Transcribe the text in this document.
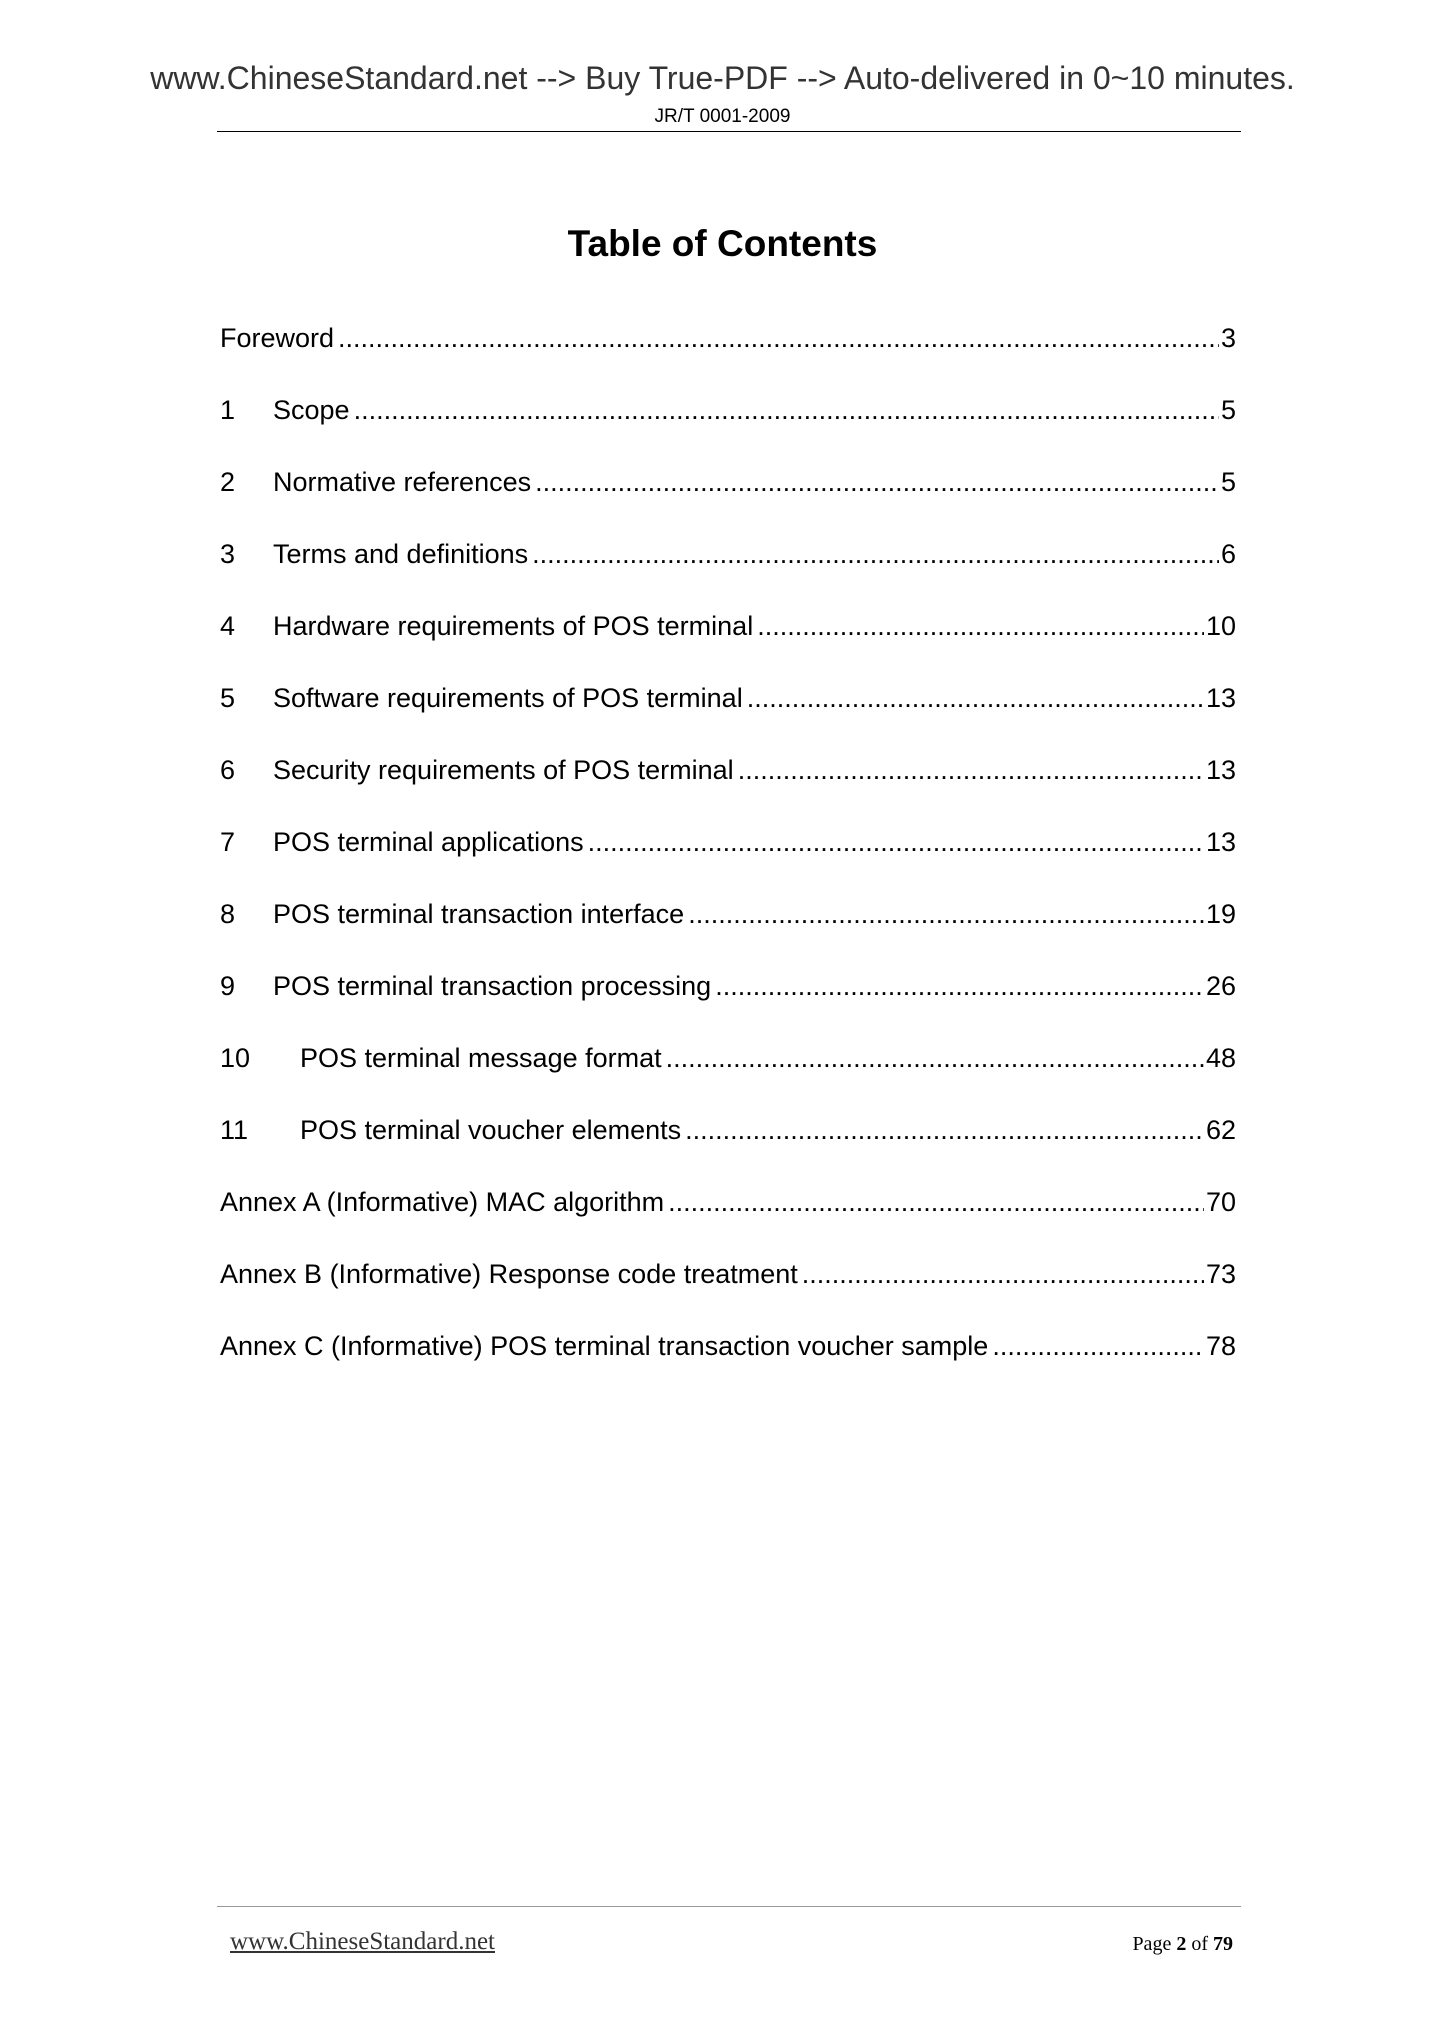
www.ChineseStandard.net --> Buy True-PDF --> Auto-delivered in 0~10 minutes.
JR/T 0001-2009
Table of Contents
Foreword .....	3
1	Scope .....	5
2	Normative references .....	5
3	Terms and definitions .....	6
4	Hardware requirements of POS terminal .....	10
5	Software requirements of POS terminal .....	13
6	Security requirements of POS terminal .....	13
7	POS terminal applications .....	13
8	POS terminal transaction interface .....	19
9	POS terminal transaction processing .....	26
10	POS terminal message format .....	48
11	POS terminal voucher elements .....	62
Annex A (Informative) MAC algorithm .....	70
Annex B (Informative) Response code treatment .....	73
Annex C (Informative) POS terminal transaction voucher sample .....	78
www.ChineseStandard.net	Page 2 of 79
